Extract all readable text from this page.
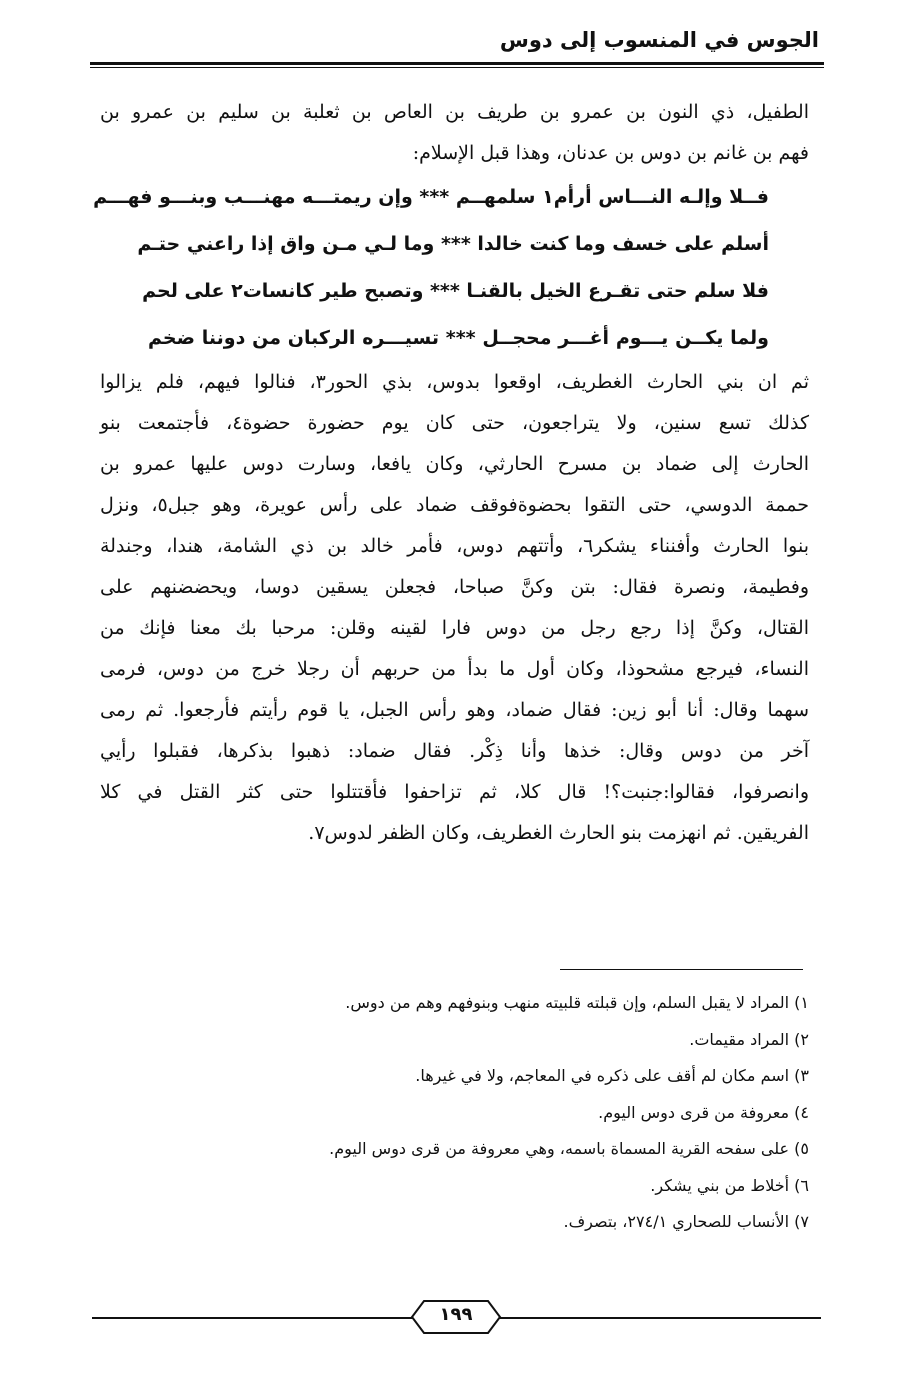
الجوس في المنسوب إلى دوس

الطفيل، ذي النون بن عمرو بن طريف بن العاص بن ثعلبة بن سليم بن عمرو بن

فهم بن غانم بن دوس بن عدنان، وهذا قبل الإسلام:

فــلا وإلـه النـــاس أرأم١ سلمهــم *** وإن ريمتـــه مهنـــب وبنـــو فهـــم
أسلم على خسف وما كنت خالدا *** وما لـي مـن واق إذا راعني حتـم
فلا سلم حتى تقـرع الخيل بالقنـا *** وتصبح طير كانسات٢ على لحم
ولما يكــن يـــوم أغـــر محجــل *** تسيـــره الركبان من دوننا ضخم

ثم ان بني الحارث الغطريف، اوقعوا بدوس، بذي الحور٣، فنالوا فيهم، فلم يزالوا

كذلك تسع سنين، ولا يتراجعون، حتى كان يوم حضورة حضوة٤، فأجتمعت بنو

الحارث إلى ضماد بن مسرح الحارثي، وكان يافعا، وسارت دوس عليها عمرو بن

حممة الدوسي، حتى التقوا بحضوةفوقف ضماد على رأس عويرة، وهو جبل٥، ونزل

بنوا الحارث وأفنناء يشكر٦، وأتتهم دوس، فأمر خالد بن ذي الشامة، هندا، وجندلة

وفطيمة، ونصرة فقال: بتن وكنَّ صباحا، فجعلن يسقين دوسا، ويحضضنهم على

القتال، وكنَّ إذا رجع رجل من دوس فارا لقينه وقلن: مرحبا بك معنا فإنك من

النساء، فيرجع مشحوذا، وكان أول ما بدأ من حربهم أن رجلا خرج من دوس، فرمى

سهما وقال: أنا أبو زين: فقال ضماد، وهو رأس الجبل، يا قوم رأيتم فأرجعوا. ثم رمى

آخر من دوس وقال: خذها وأنا ذِكْر. فقال ضماد: ذهبوا بذكرها، فقبلوا رأيي

وانصرفوا، فقالوا:جنبت؟! قال كلا، ثم تزاحفوا فأقتتلوا حتى كثر القتل في كلا

الفريقين. ثم انهزمت بنو الحارث الغطريف، وكان الظفر لدوس٧.

١) المراد لا يقبل السلم، وإن قبلته قلبيته منهب وبنوفهم وهم من دوس.
٢) المراد مقيمات.
٣) اسم مكان لم أقف على ذكره في المعاجم، ولا في غيرها.
٤) معروفة من قرى دوس اليوم.
٥) على سفحه القرية المسماة باسمه، وهي معروفة من قرى دوس اليوم.
٦) أخلاط من بني يشكر.
٧) الأنساب للصحاري ٢٧٤/١، بتصرف.
١٩٩
